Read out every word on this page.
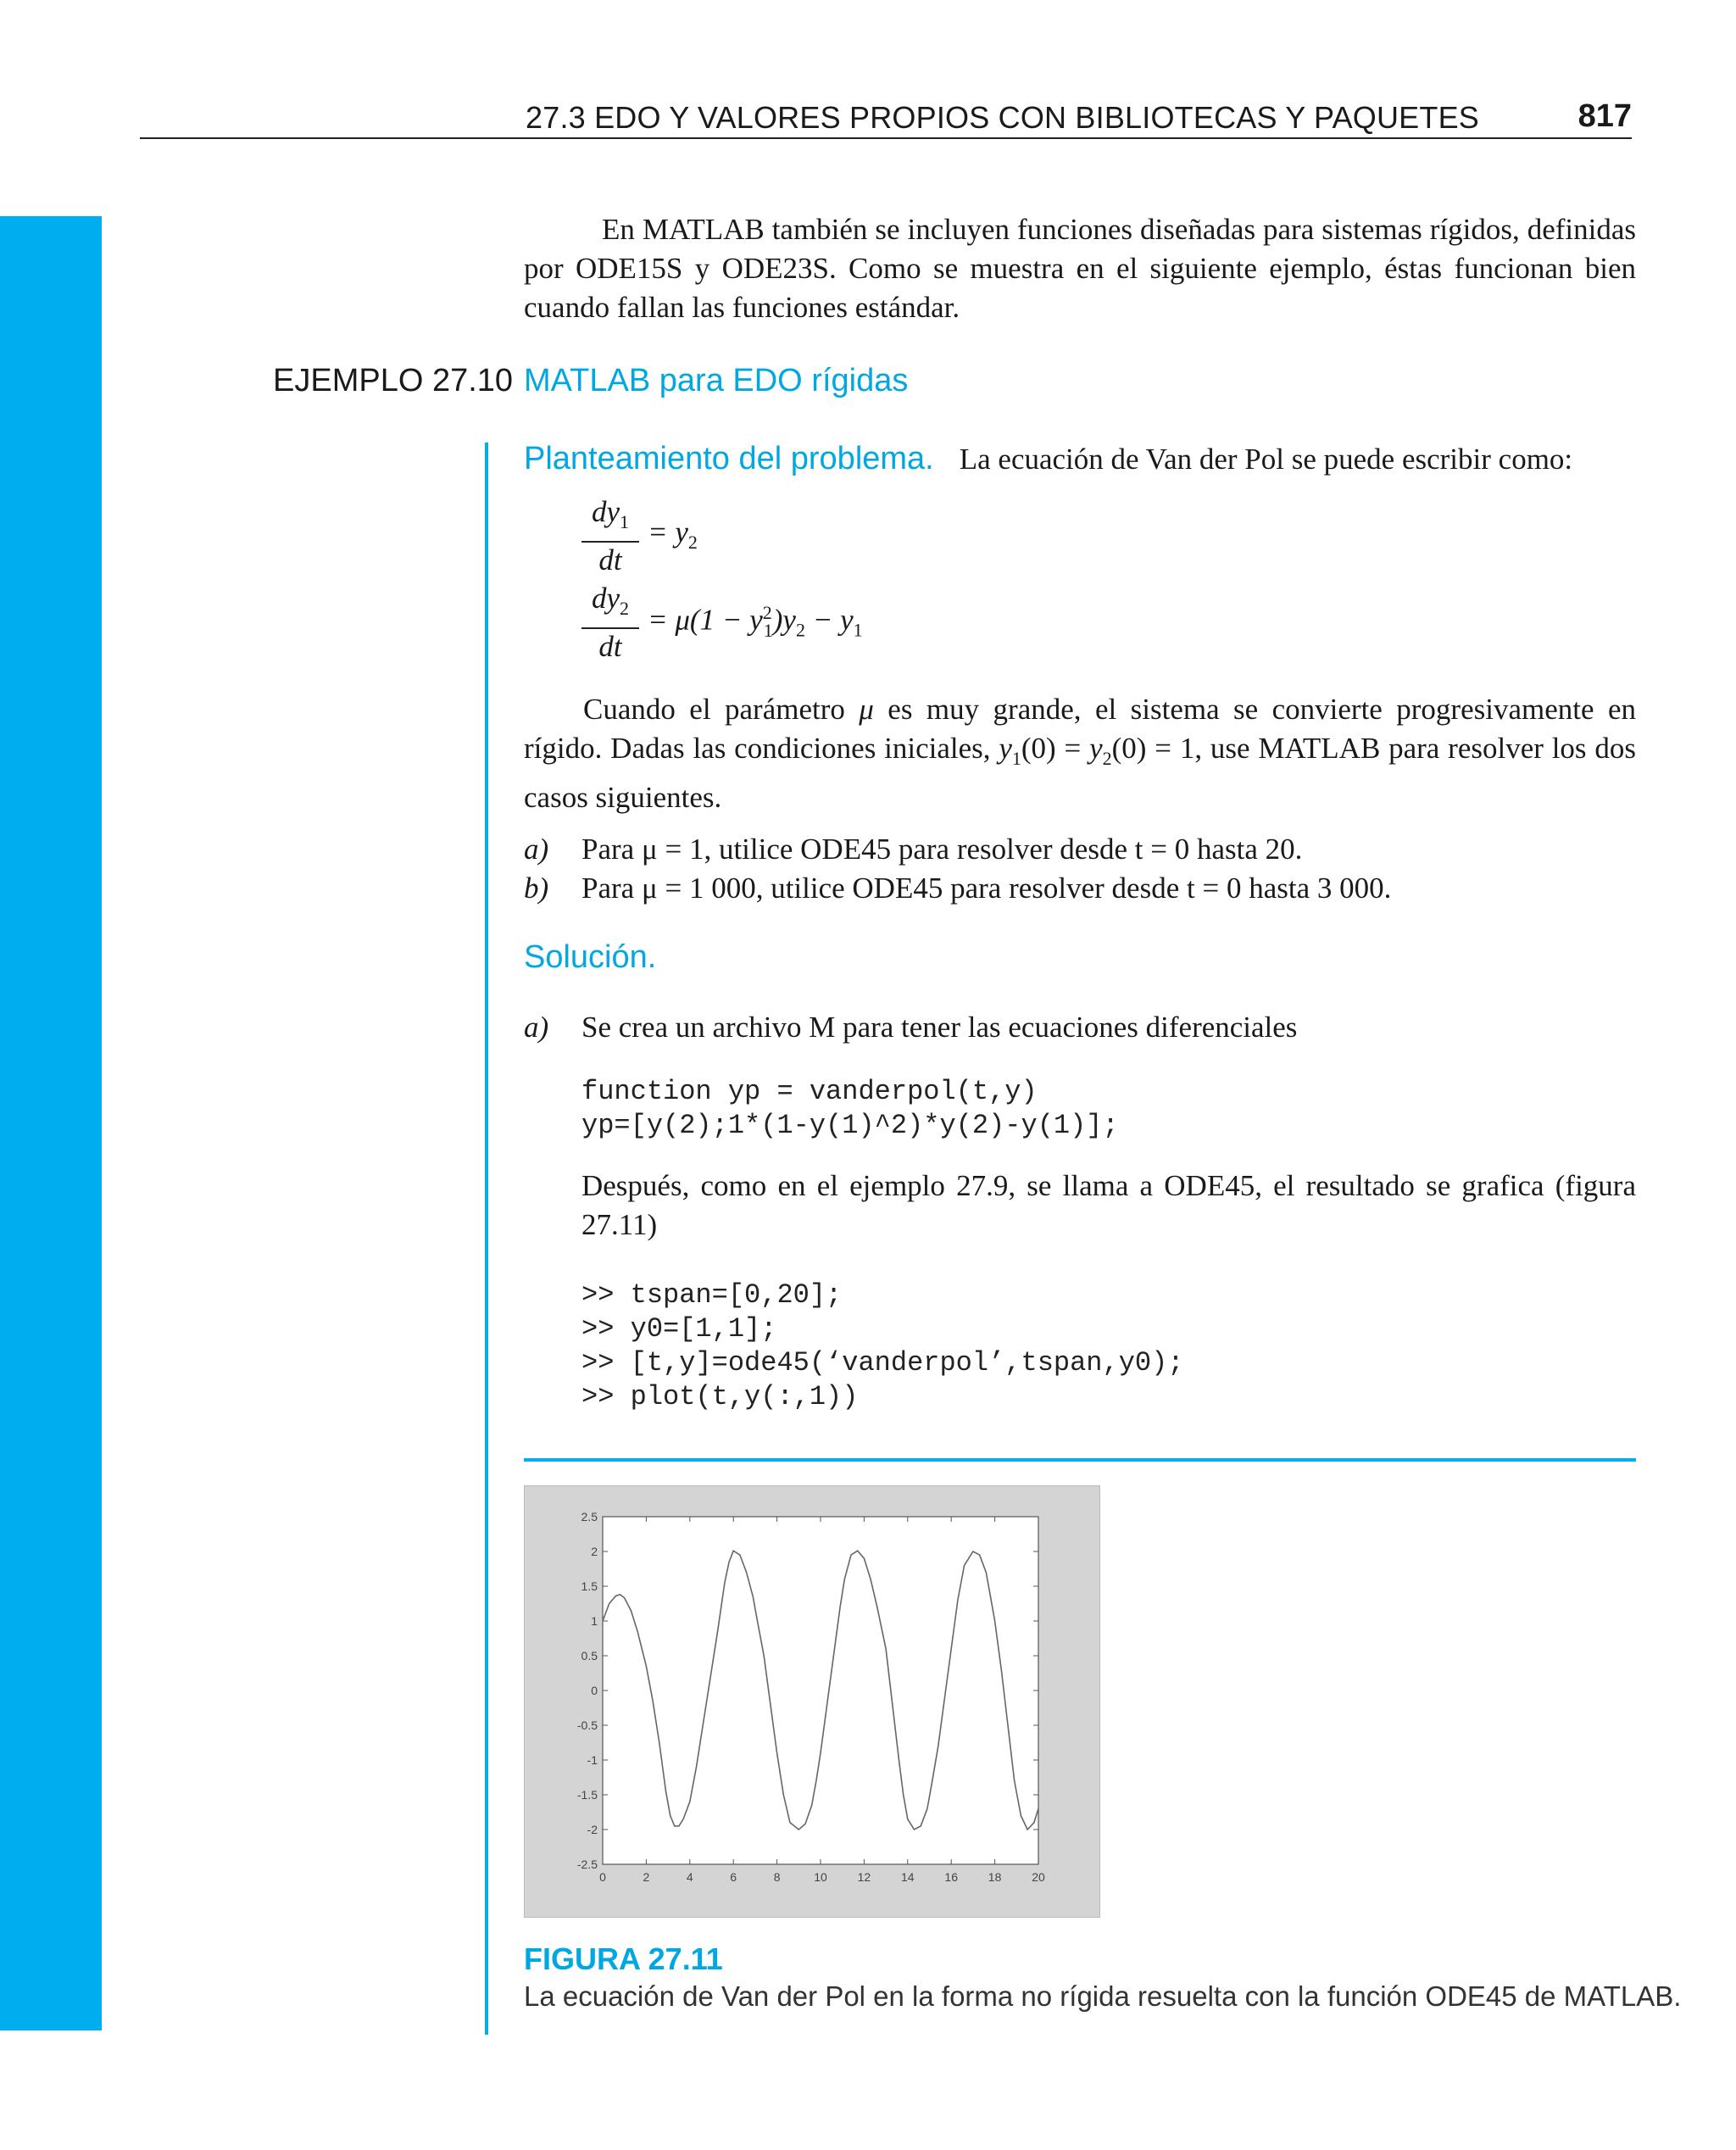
27.3 EDO Y VALORES PROPIOS CON BIBLIOTECAS Y PAQUETES	817
En MATLAB también se incluyen funciones diseñadas para sistemas rígidos, definidas por ODE15S y ODE23S. Como se muestra en el siguiente ejemplo, éstas funcionan bien cuando fallan las funciones estándar.
EJEMPLO 27.10 MATLAB para EDO rígidas
Planteamiento del problema. La ecuación de Van der Pol se puede escribir como:
$\frac{dy_1}{dt} = y_2$
$\frac{dy_2}{dt} = \mu(1 - y^2_1)y_2 - y_1$
Cuando el parámetro μ es muy grande, el sistema se convierte progresivamente en rígido. Dadas las condiciones iniciales, $y_1(0) = y_2(0) = 1$, use MATLAB para resolver los dos casos siguientes.
a) Para μ = 1, utilice ODE45 para resolver desde t = 0 hasta 20.
b) Para μ = 1 000, utilice ODE45 para resolver desde t = 0 hasta 3 000.
Solución.
a) Se crea un archivo M para tener las ecuaciones diferenciales
function yp = vanderpol(t,y)
yp=[y(2);1*(1-y(1)^2)*y(2)-y(1)];
Después, como en el ejemplo 27.9, se llama a ODE45, el resultado se grafica (figura 27.11)
>> tspan=[0,20];
>> y0=[1,1];
>> [t,y]=ode45(‘vanderpol’,tspan,y0);
>> plot(t,y(:,1))
0	2	4	6	8	10	12	14	16	18	20
2.5
2
1.5
1
0.5
0
-0.5
-1
-1.5
-2
-2.5
FIGURA 27.11
La ecuación de Van der Pol en la forma no rígida resuelta con la función ODE45 de MATLAB.
